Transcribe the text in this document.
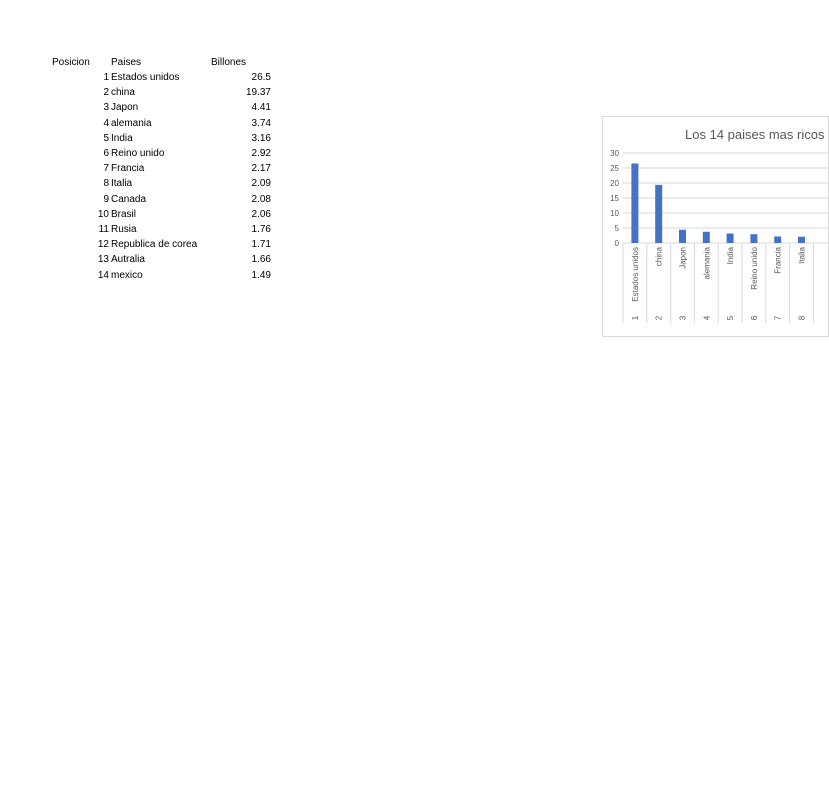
Posicion Paises	Billones
1 Estados unidos	26.5
2 china	19.37
3 Japon	4.41
4 alemania	3.74
5 India	3.16
6 Reino unido	2.92
7 Francia	2.17
8 Italia	2.09
9 Canada	2.08
10 Brasil	2.06
11 Rusia	1.76
12 Republica de corea	1.71
13 Autralia	1.66
14 mexico	1.49
Los 14 paises mas ricos
0
5
10
15
20
25
30
Estados unidos
1
china
2
Japon
3
alemania
4
India
5
Reino unido
6
Francia
7
Italia
8
